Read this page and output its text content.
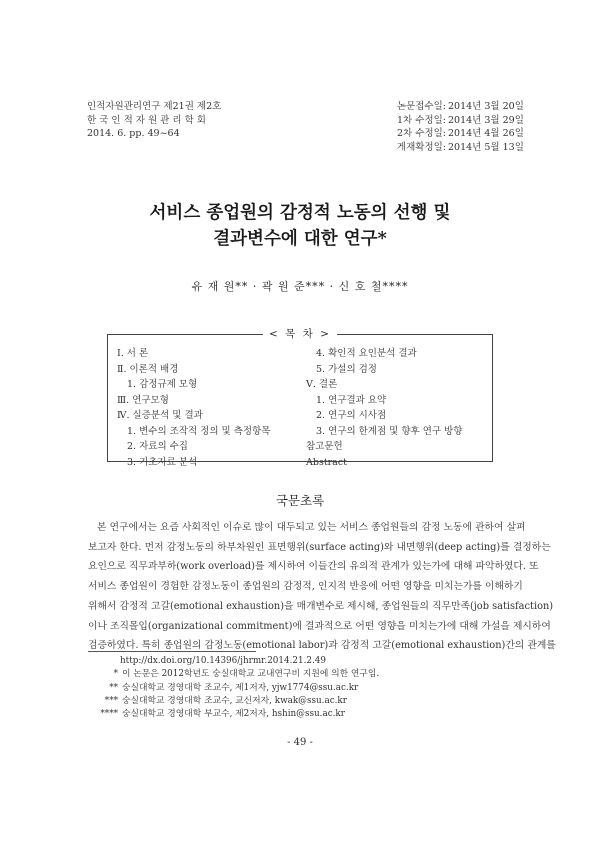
인적자원관리연구 제21권 제2호
한 국 인 적 자 원 관 리 학 회
2014. 6. pp. 49~64
논문접수일: 2014년 3월 20일
1차 수정일: 2014년 3월 29일
2차 수정일: 2014년 4월 26일
게재확정일: 2014년 5월 13일
서비스 종업원의 감정적 노동의 선행 및
결과변수에 대한 연구*
유 재 원** · 곽 원 준*** · 신 호 철****
< 목 차 >
Ⅰ. 서 론
Ⅱ. 이론적 배경
1. 감정규제 모형
Ⅲ. 연구모형
Ⅳ. 실증분석 및 결과
1. 변수의 조작적 정의 및 측정항목
2. 자료의 수집
3. 기초자료 분석
4. 확인적 요인분석 결과
5. 가설의 검정
Ⅴ. 결론
1. 연구결과 요약
2. 연구의 시사점
3. 연구의 한계점 및 향후 연구 방향
참고문헌
Abstract
국문초록
본 연구에서는 요즘 사회적인 이슈로 많이 대두되고 있는 서비스 종업원들의 감정 노동에 관하여 살펴
보고자 한다. 먼저 감정노동의 하부차원인 표면행위(surface acting)와 내면행위(deep acting)를 결정하는
요인으로 직무과부하(work overload)를 제시하여 이들간의 유의적 관계가 있는가에 대해 파악하였다. 또
서비스 종업원이 경험한 감정노동이 종업원의 감정적, 인지적 반응에 어떤 영향을 미치는가를 이해하기
위해서 감정적 고갈(emotional exhaustion)을 매개변수로 제시해, 종업원들의 직무만족(job satisfaction)
이나 조직몰입(organizational commitment)에 결과적으로 어떤 영향을 미치는가에 대해 가설을 제시하여
검증하였다. 특히 종업원의 감정노동(emotional labor)과 감정적 고갈(emotional exhaustion)간의 관계를
http://dx.doi.org/10.14396/jhrmr.2014.21.2.49
* 이 논문은 2012학년도 숭실대학교 교내연구비 지원에 의한 연구임.
** 숭실대학교 경영대학 조교수, 제1저자, yjw1774@ssu.ac.kr
*** 숭실대학교 경영대학 조교수, 교신저자, kwak@ssu.ac.kr
**** 숭실대학교 경영대학 부교수, 제2저자, hshin@ssu.ac.kr
- 49 -
